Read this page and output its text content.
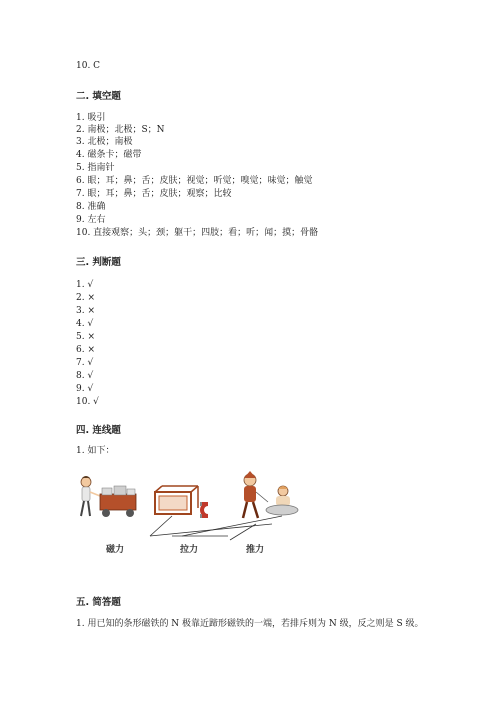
10. C
二. 填空题
1. 吸引
2. 南极；北极；S；N
3. 北极；南极
4. 磁条卡；磁带
5. 指南针
6. 眼；耳；鼻；舌；皮肤；视觉；听觉；嗅觉；味觉；触觉
7. 眼；耳；鼻；舌；皮肤；观察；比较
8. 准确
9. 左右
10. 直接观察；头；颈；躯干；四肢；看；听；闻；摸；骨骼
三. 判断题
1. √
2. ×
3. ×
4. √
5. ×
6. ×
7. √
8. √
9. √
10. √
四. 连线题
1. 如下：
磁力	拉力	推力
五. 简答题
1. 用已知的条形磁铁的 N 极靠近蹄形磁铁的一端，若排斥则为 N 级，反之则是 S 级。
